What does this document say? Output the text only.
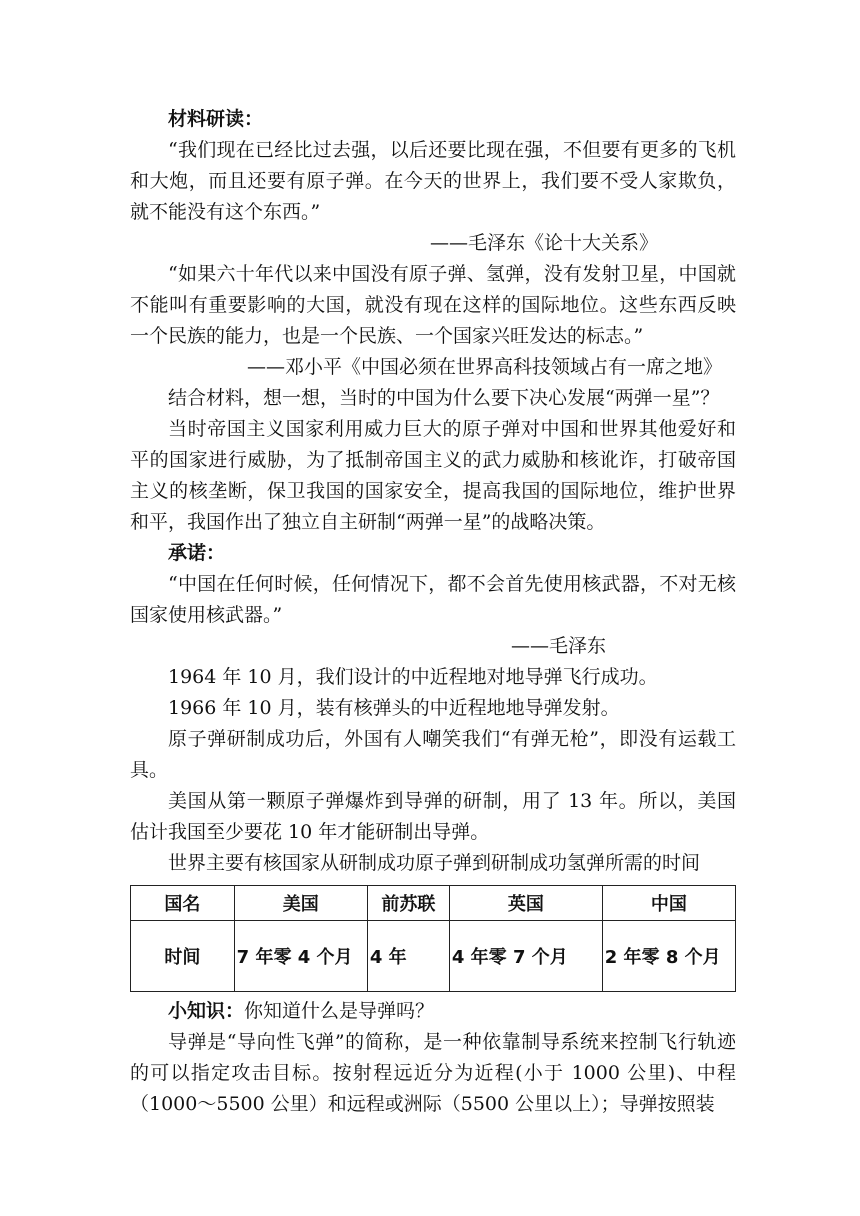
材料研读：

“我们现在已经比过去强，以后还要比现在强，不但要有更多的飞机和大炮，而且还要有原子弹。在今天的世界上，我们要不受人家欺负，就不能没有这个东西。”

——毛泽东《论十大关系》

“如果六十年代以来中国没有原子弹、氢弹，没有发射卫星，中国就不能叫有重要影响的大国，就没有现在这样的国际地位。这些东西反映一个民族的能力，也是一个民族、一个国家兴旺发达的标志。”

——邓小平《中国必须在世界高科技领域占有一席之地》

结合材料，想一想，当时的中国为什么要下决心发展“两弹一星”？

当时帝国主义国家利用威力巨大的原子弹对中国和世界其他爱好和平的国家进行威胁，为了抵制帝国主义的武力威胁和核讹诈，打破帝国主义的核垄断，保卫我国的国家安全，提高我国的国际地位，维护世界和平，我国作出了独立自主研制“两弹一星”的战略决策。

承诺：

“中国在任何时候，任何情况下，都不会首先使用核武器，不对无核国家使用核武器。”

——毛泽东

1964 年 10 月，我们设计的中近程地对地导弹飞行成功。

1966 年 10 月，装有核弹头的中近程地地导弹发射。

原子弹研制成功后，外国有人嘲笑我们“有弹无枪”，即没有运载工具。

美国从第一颗原子弹爆炸到导弹的研制，用了 13 年。所以，美国估计我国至少要花 10 年才能研制出导弹。

世界主要有核国家从研制成功原子弹到研制成功氢弹所需的时间

国名	美国	前苏联	英国	中国
时间	7 年零 4 个月	4 年	4 年零 7 个月	2 年零 8 个月

小知识：你知道什么是导弹吗？

导弹是“导向性飞弹”的简称，是一种依靠制导系统来控制飞行轨迹的可以指定攻击目标。按射程远近分为近程(小于 1000 公里)、中程（1000～5500 公里）和远程或洲际（5500 公里以上）；导弹按照装
